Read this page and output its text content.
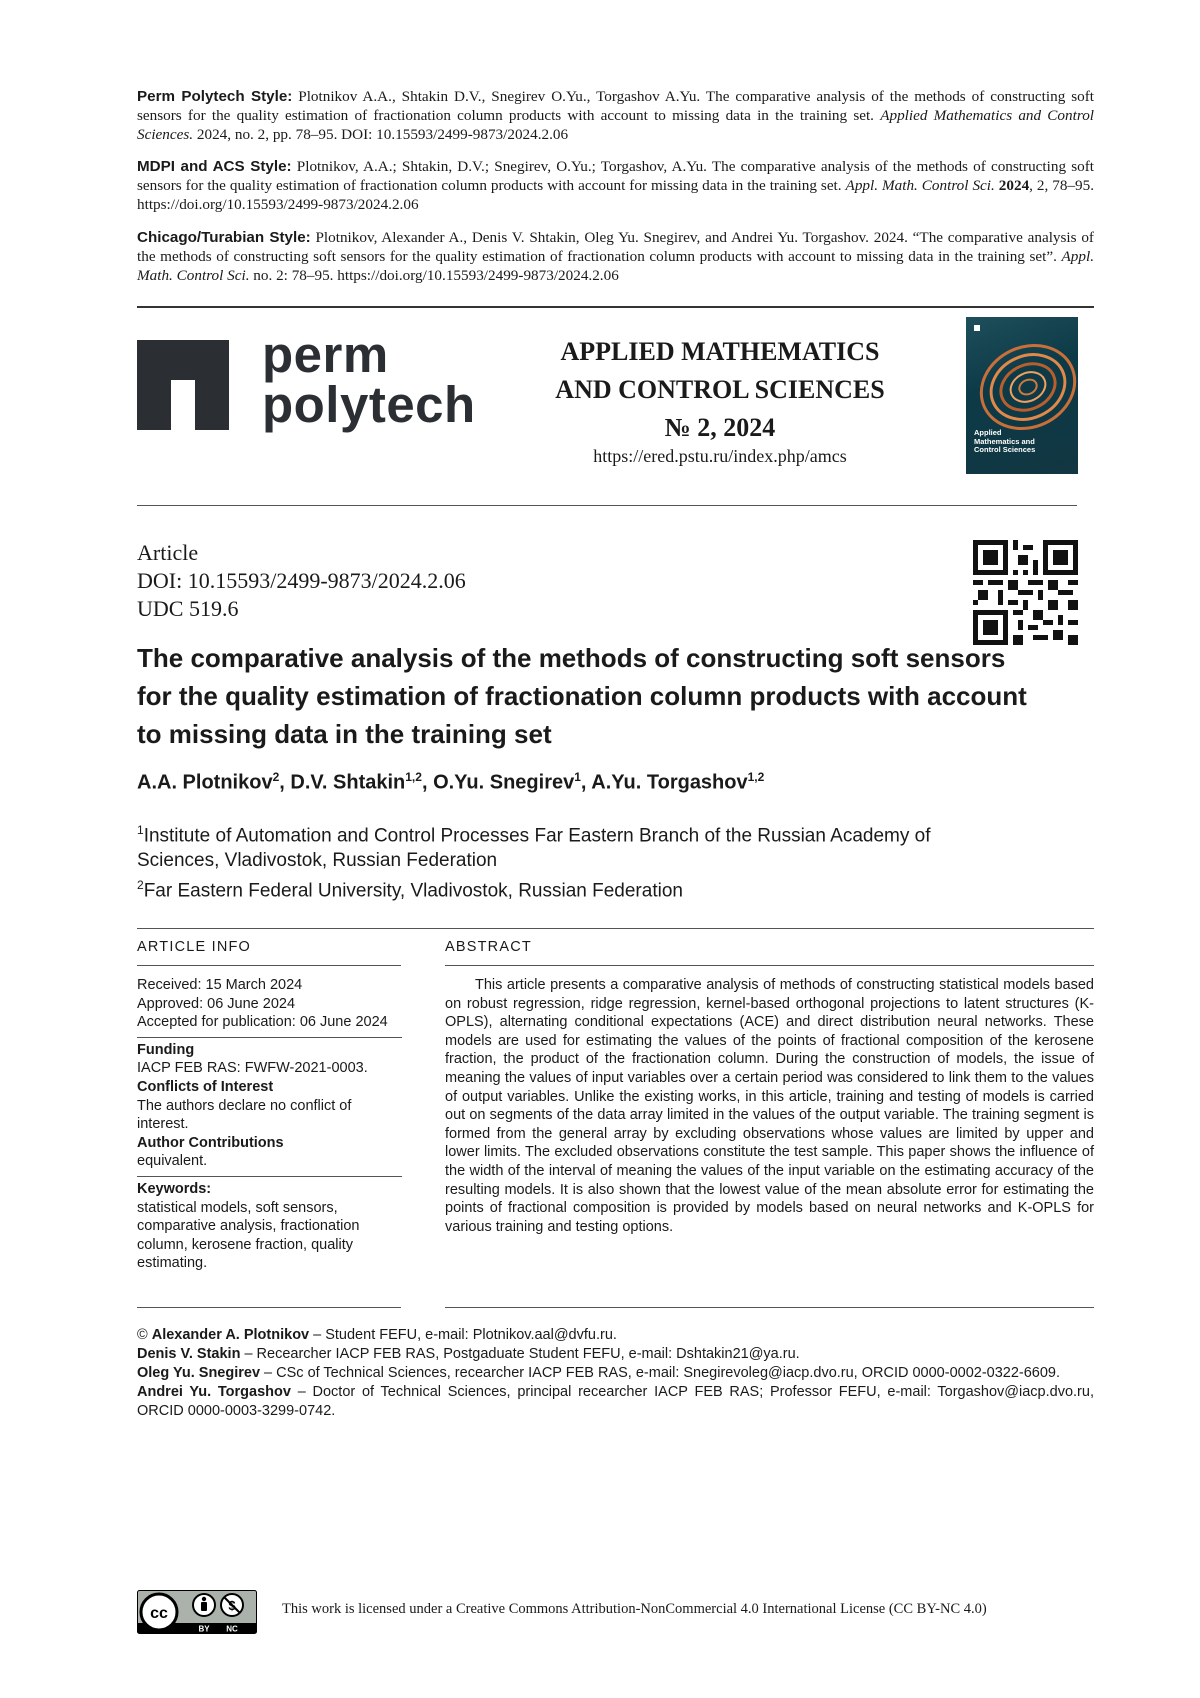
Perm Polytech Style: Plotnikov A.A., Shtakin D.V., Snegirev O.Yu., Torgashov A.Yu. The comparative analysis of the methods of constructing soft sensors for the quality estimation of fractionation column products with account to missing data in the training set. Applied Mathematics and Control Sciences. 2024, no. 2, pp. 78–95. DOI: 10.15593/2499-9873/2024.2.06
MDPI and ACS Style: Plotnikov, A.A.; Shtakin, D.V.; Snegirev, O.Yu.; Torgashov, A.Yu. The comparative analysis of the methods of constructing soft sensors for the quality estimation of fractionation column products with account for missing data in the training set. Appl. Math. Control Sci. 2024, 2, 78–95. https://doi.org/10.15593/2499-9873/2024.2.06
Chicago/Turabian Style: Plotnikov, Alexander A., Denis V. Shtakin, Oleg Yu. Snegirev, and Andrei Yu. Torgashov. 2024. “The comparative analysis of the methods of constructing soft sensors for the quality estimation of fractionation column products with account to missing data in the training set”. Appl. Math. Control Sci. no. 2: 78–95. https://doi.org/10.15593/2499-9873/2024.2.06
perm
polytech
APPLIED MATHEMATICS
AND CONTROL SCIENCES
№ 2, 2024
https://ered.pstu.ru/index.php/amcs
Applied Mathematics and Control Sciences
Article
DOI: 10.15593/2499-9873/2024.2.06
UDC 519.6
The comparative analysis of the methods of constructing soft sensors for the quality estimation of fractionation column products with account to missing data in the training set
A.A. Plotnikov2, D.V. Shtakin1,2, O.Yu. Snegirev1, A.Yu. Torgashov1,2
1Institute of Automation and Control Processes Far Eastern Branch of the Russian Academy of Sciences, Vladivostok, Russian Federation
2Far Eastern Federal University, Vladivostok, Russian Federation
ARTICLE INFO	ABSTRACT
Received: 15 March 2024
Approved: 06 June 2024
Accepted for publication: 06 June 2024
Funding
IACP FEB RAS: FWFW-2021-0003.
Conflicts of Interest
The authors declare no conflict of interest.
Author Contributions
equivalent.
Keywords:
statistical models, soft sensors, comparative analysis, fractionation column, kerosene fraction, quality estimating.
This article presents a comparative analysis of methods of constructing statistical models based on robust regression, ridge regression, kernel-based orthogonal projections to latent structures (K-OPLS), alternating conditional expectations (ACE) and direct distribution neural networks. These models are used for estimating the values of the points of fractional composition of the kerosene fraction, the product of the fractionation column. During the construction of models, the issue of meaning the values of input variables over a certain period was considered to link them to the values of output variables. Unlike the existing works, in this article, training and testing of models is carried out on segments of the data array limited in the values of the output variable. The training segment is formed from the general array by excluding observations whose values are limited by upper and lower limits. The excluded observations constitute the test sample. This paper shows the influence of the width of the interval of meaning the values of the input variable on the estimating accuracy of the resulting models. It is also shown that the lowest value of the mean absolute error for estimating the points of fractional composition is provided by models based on neural networks and K-OPLS for various training and testing options.
© Alexander A. Plotnikov – Student FEFU, e-mail: Plotnikov.aal@dvfu.ru.
Denis V. Stakin – Recearcher IACP FEB RAS, Postgaduate Student FEFU, e-mail: Dshtakin21@ya.ru.
Oleg Yu. Snegirev – CSc of Technical Sciences, recearcher IACP FEB RAS, e-mail: Snegirevoleg@iacp.dvo.ru, ORCID 0000-0002-0322-6609.
Andrei Yu. Torgashov – Doctor of Technical Sciences, principal recearcher IACP FEB RAS; Professor FEFU, e-mail: Torgashov@iacp.dvo.ru, ORCID 0000-0003-3299-0742.
cc
BY NC
This work is licensed under a Creative Commons Attribution-NonCommercial 4.0 International License (CC BY-NC 4.0)
